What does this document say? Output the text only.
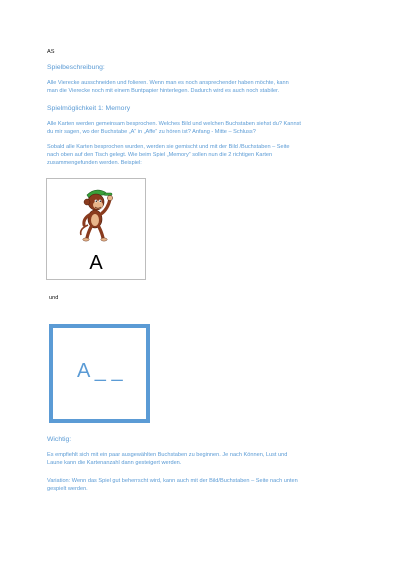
AS
Spielbeschreibung:
Alle Vierecke ausschneiden und folieren. Wenn man es noch ansprechender haben möchte, kann
man die Vierecke noch mit einem Buntpapier hinterlegen. Dadurch wird es auch noch stabiler.
Spielmöglichkeit 1: Memory
Alle Karten werden gemeinsam besprochen. Welches Bild und welchen Buchstaben siehst du? Kannst
du mir sagen, wo der Buchstabe „A“ in „Affe“ zu hören ist? Anfang - Mitte – Schluss?
Sobald alle Karten besprochen wurden, werden sie gemischt und mit der Bild /Buchstaben – Seite
nach oben auf den Tisch gelegt. Wie beim Spiel „Memory“ sollen nun die 2 richtigen Karten
zusammengefunden werden. Beispiel:
A
und
A _ _
Wichtig:
Es empfiehlt sich mit ein paar ausgewählten Buchstaben zu beginnen. Je nach Können, Lust und
Laune kann die Kartenanzahl dann gesteigert werden.
Variation: Wenn das Spiel gut beherrscht wird, kann auch mit der Bild/Buchstaben – Seite nach unten
gespielt werden.
